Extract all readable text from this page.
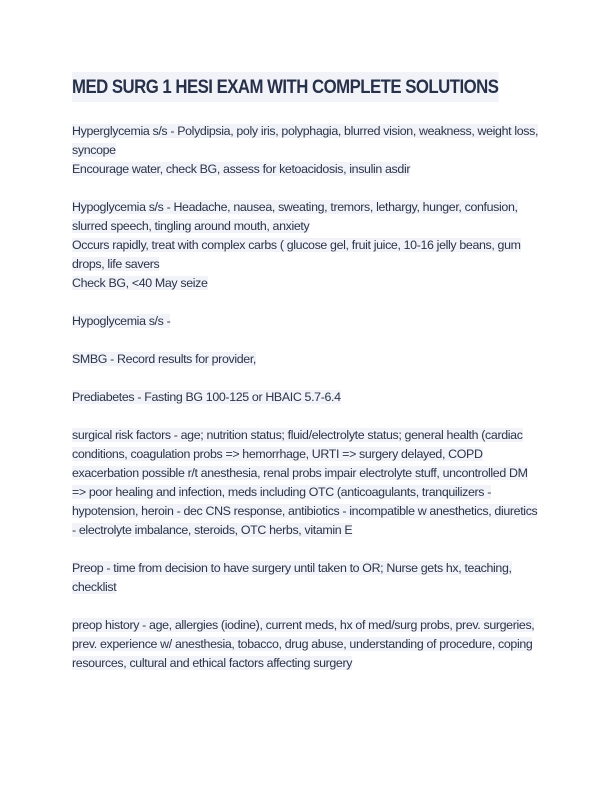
MED SURG 1 HESI EXAM WITH COMPLETE SOLUTIONS

Hyperglycemia s/s - Polydipsia, poly iris, polyphagia, blurred vision, weakness, weight loss, syncope

Encourage water, check BG, assess for ketoacidosis, insulin asdir

Hypoglycemia s/s - Headache, nausea, sweating, tremors, lethargy, hunger, confusion, slurred speech, tingling around mouth, anxiety

Occurs rapidly, treat with complex carbs ( glucose gel, fruit juice, 10-16 jelly beans, gum drops, life savers

Check BG, <40 May seize

Hypoglycemia s/s -

SMBG - Record results for provider,

Prediabetes - Fasting BG 100-125 or HBAIC 5.7-6.4

surgical risk factors - age; nutrition status; fluid/electrolyte status; general health (cardiac conditions, coagulation probs => hemorrhage, URTI => surgery delayed, COPD exacerbation possible r/t anesthesia, renal probs impair electrolyte stuff, uncontrolled DM => poor healing and infection, meds including OTC (anticoagulants, tranquilizers - hypotension, heroin - dec CNS response, antibiotics - incompatible w anesthetics, diuretics - electrolyte imbalance, steroids, OTC herbs, vitamin E

Preop - time from decision to have surgery until taken to OR; Nurse gets hx, teaching, checklist

preop history - age, allergies (iodine), current meds, hx of med/surg probs, prev. surgeries, prev. experience w/ anesthesia, tobacco, drug abuse, understanding of procedure, coping resources, cultural and ethical factors affecting surgery
